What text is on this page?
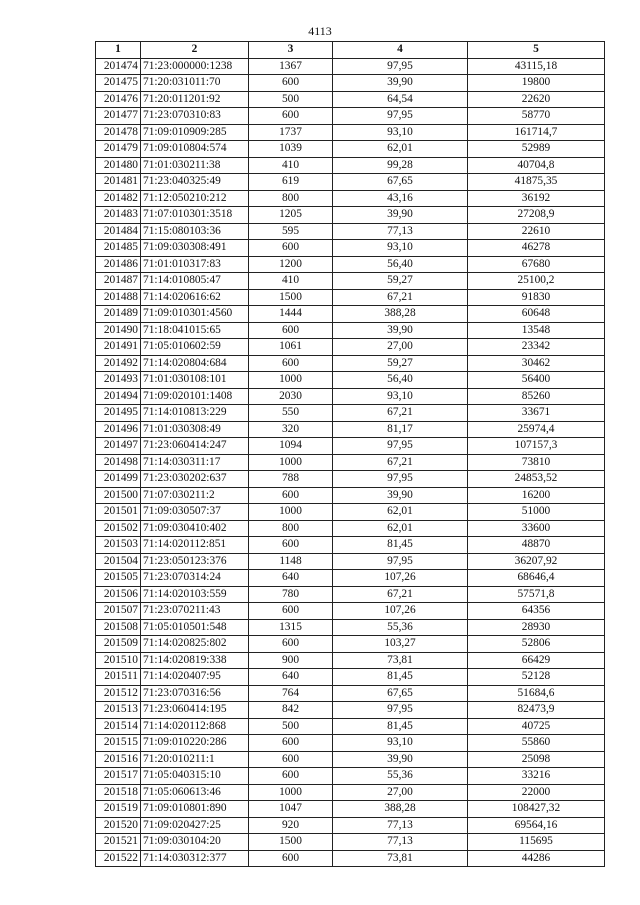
4113
1	2	3	4	5
201474	71:23:000000:1238	1367	97,95	43115,18
201475	71:20:031011:70	600	39,90	19800
201476	71:20:011201:92	500	64,54	22620
201477	71:23:070310:83	600	97,95	58770
201478	71:09:010909:285	1737	93,10	161714,7
201479	71:09:010804:574	1039	62,01	52989
201480	71:01:030211:38	410	99,28	40704,8
201481	71:23:040325:49	619	67,65	41875,35
201482	71:12:050210:212	800	43,16	36192
201483	71:07:010301:3518	1205	39,90	27208,9
201484	71:15:080103:36	595	77,13	22610
201485	71:09:030308:491	600	93,10	46278
201486	71:01:010317:83	1200	56,40	67680
201487	71:14:010805:47	410	59,27	25100,2
201488	71:14:020616:62	1500	67,21	91830
201489	71:09:010301:4560	1444	388,28	60648
201490	71:18:041015:65	600	39,90	13548
201491	71:05:010602:59	1061	27,00	23342
201492	71:14:020804:684	600	59,27	30462
201493	71:01:030108:101	1000	56,40	56400
201494	71:09:020101:1408	2030	93,10	85260
201495	71:14:010813:229	550	67,21	33671
201496	71:01:030308:49	320	81,17	25974,4
201497	71:23:060414:247	1094	97,95	107157,3
201498	71:14:030311:17	1000	67,21	73810
201499	71:23:030202:637	788	97,95	24853,52
201500	71:07:030211:2	600	39,90	16200
201501	71:09:030507:37	1000	62,01	51000
201502	71:09:030410:402	800	62,01	33600
201503	71:14:020112:851	600	81,45	48870
201504	71:23:050123:376	1148	97,95	36207,92
201505	71:23:070314:24	640	107,26	68646,4
201506	71:14:020103:559	780	67,21	57571,8
201507	71:23:070211:43	600	107,26	64356
201508	71:05:010501:548	1315	55,36	28930
201509	71:14:020825:802	600	103,27	52806
201510	71:14:020819:338	900	73,81	66429
201511	71:14:020407:95	640	81,45	52128
201512	71:23:070316:56	764	67,65	51684,6
201513	71:23:060414:195	842	97,95	82473,9
201514	71:14:020112:868	500	81,45	40725
201515	71:09:010220:286	600	93,10	55860
201516	71:20:010211:1	600	39,90	25098
201517	71:05:040315:10	600	55,36	33216
201518	71:05:060613:46	1000	27,00	22000
201519	71:09:010801:890	1047	388,28	108427,32
201520	71:09:020427:25	920	77,13	69564,16
201521	71:09:030104:20	1500	77,13	115695
201522	71:14:030312:377	600	73,81	44286
